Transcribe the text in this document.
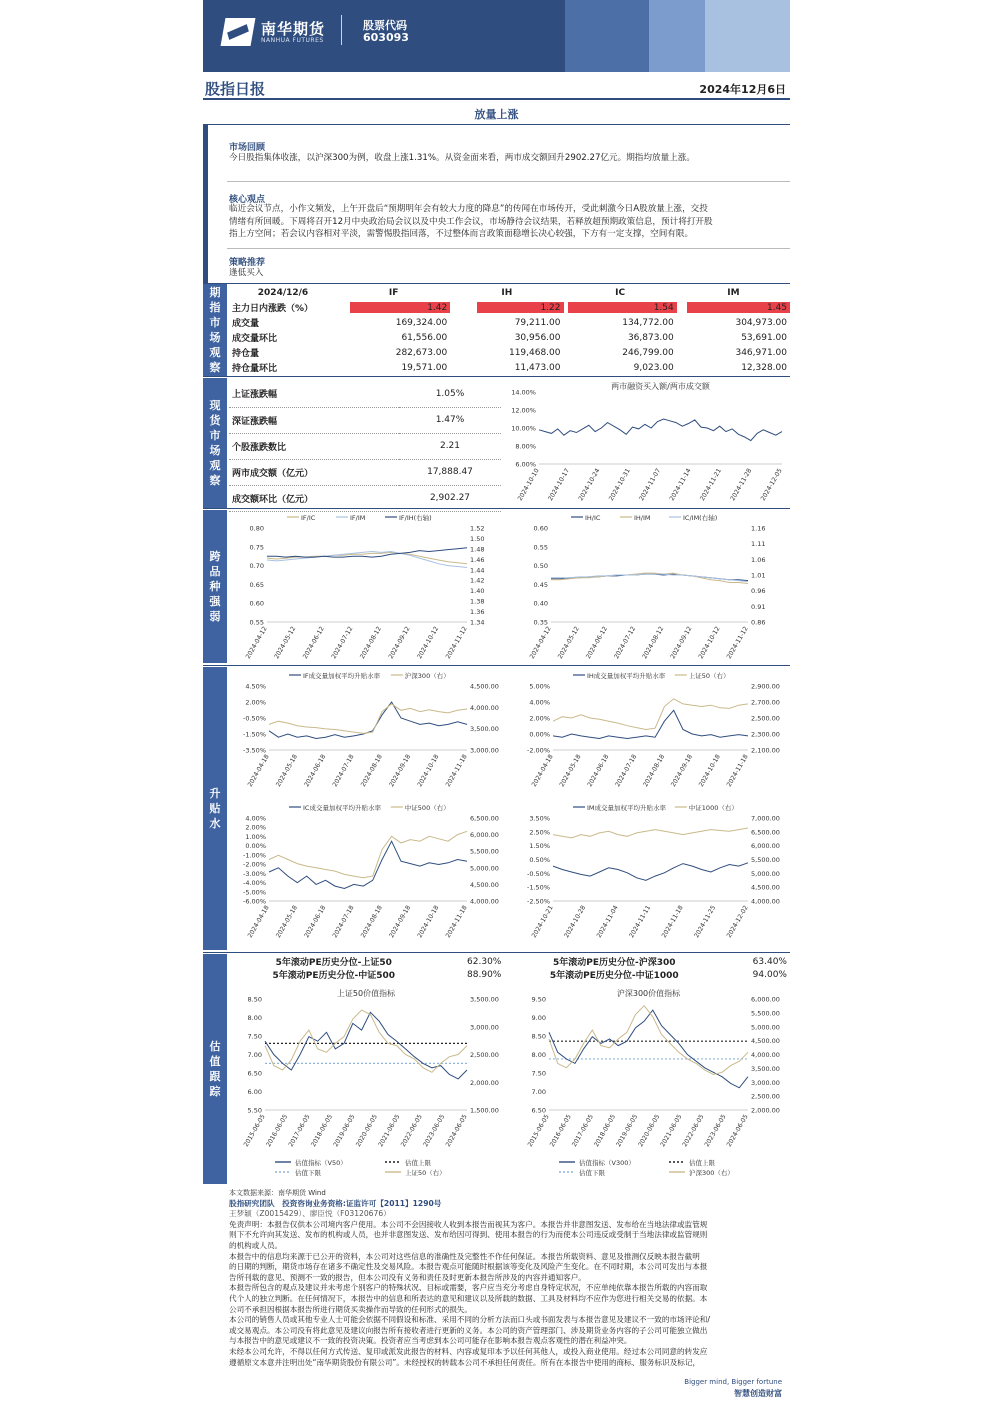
南华期货
NANHUA FUTURES
股票代码
603093
股指日报	2024年12月6日
放量上涨
市场回顾
今日股指集体收涨，以沪深300为例，收盘上涨1.31%。从资金面来看，两市成交额回升2902.27亿元。期指均放量上涨。
核心观点
临近会议节点，小作文频发，上午开盘后“预期明年会有较大力度的降息”的传闻在市场传开，受此刺激今日A股放量上涨，交投
情绪有所回暖。下周将召开12月中央政治局会议以及中央工作会议，市场静待会议结果，若释放超预期政策信息，预计将打开股
指上方空间；若会议内容相对平淡，需警惕股指回落，不过整体而言政策面稳增长决心较强，下方有一定支撑，空间有限。
策略推荐
逢低买入
期
指
市
场
观
察
2024/12/6	IF	IH	IC	IM
主力日内涨跌（%）	1.42	1.22	1.54	1.45
成交量	169,324.00	79,211.00	134,772.00	304,973.00
成交量环比	61,556.00	30,956.00	36,873.00	53,691.00
持仓量	282,673.00	119,468.00	246,799.00	346,971.00
持仓量环比	19,571.00	11,473.00	9,023.00	12,328.00
现
货
市
场
观
察
上证涨跌幅	1.05%
深证涨跌幅	1.47%
个股涨跌数比	2.21
两市成交额（亿元）	17,888.47
成交额环比（亿元）	2,902.27
两市融资买入额/两市成交额
14.00%
12.00%
10.00%
8.00%
6.00%
2024-10-10 2024-10-17 2024-10-24 2024-10-31 2024-11-07 2024-11-14 2024-11-21 2024-11-28 2024-12-05
跨
品
种
强
弱
IF/IC	IF/IM	IF/IH(右轴)
0.80
0.75
0.70
0.65
0.60
0.55
1.52
1.50
1.48
1.46
1.44
1.42
1.40
1.38
1.36
1.34
2024-04-12 2024-05-12 2024-06-12 2024-07-12 2024-08-12 2024-09-12 2024-10-12 2024-11-12
IH/IC	IH/IM	IC/IM(右轴)
0.60
0.55
0.50
0.45
0.40
0.35
1.16
1.11
1.06
1.01
0.96
0.91
0.86
2024-04-12 2024-05-12 2024-06-12 2024-07-12 2024-08-12 2024-09-12 2024-10-12 2024-11-12
升
贴
水
IF成交量加权平均升贴水率	沪深300（右）
4.50%
2.00%
-0.50%
-1.50%
-3.50%
4,500.00
4,000.00
3,500.00
3,000.00
2024-04-18 2024-05-18 2024-06-18 2024-07-18 2024-08-18 2024-09-18 2024-10-18 2024-11-18
IH成交量加权平均升贴水率	上证50（右）
5.00%
4.00%
2.00%
0.00%
-2.00%
2,900.00
2,700.00
2,500.00
2,300.00
2,100.00
2024-04-18 2024-05-18 2024-06-18 2024-07-18 2024-08-18 2024-09-18 2024-10-18 2024-11-18
IC成交量加权平均升贴水率	中证500（右）
4.00%
2.00%
1.00%
0.00%
-1.00%
-2.00%
-3.00%
-4.00%
-5.00%
-6.00%
6,500.00
6,000.00
5,500.00
5,000.00
4,500.00
4,000.00
2024-04-18 2024-05-18 2024-06-18 2024-07-18 2024-08-18 2024-09-18 2024-10-18 2024-11-18
IM成交量加权平均升贴水率	中证1000（右）
3.50%
2.50%
1.50%
0.50%
-0.50%
-1.50%
-2.50%
7,000.00
6,500.00
6,000.00
5,500.00
5,000.00
4,500.00
4,000.00
2024-10-21 2024-10-28 2024-11-04 2024-11-11 2024-11-18 2024-11-25 2024-12-02
估
值
跟
踪
5年滚动PE历史分位-上证50	62.30%	5年滚动PE历史分位-沪深300	63.40%
5年滚动PE历史分位-中证500	88.90%	5年滚动PE历史分位-中证1000	94.00%
上证50价值指标
8.50
8.00
7.50
7.00
6.50
6.00
5.50
3,500.00
3,000.00
2,500.00
2,000.00
1,500.00
2015-06-05
2016-06-05
2017-06-05
2018-06-05
2019-06-05
2020-06-05
2021-06-05
2022-06-05
2023-06-05
2024-06-05
估值指标（V50）	估值上限
估值下限	上证50（右）
沪深300价值指标
9.50
9.00
8.50
8.00
7.50
7.00
6.50
6,000.00
5,500.00
5,000.00
4,500.00
4,000.00
3,500.00
3,000.00
2,500.00
2,000.00
2015-06-05
2016-06-05
2017-06-05
2018-06-05
2019-06-05
2020-06-05
2021-06-05
2022-06-05
2023-06-05
2024-06-05
估值指标（V300）	估值上限
估值下限	沪深300（右）
本文数据来源：南华期货 Wind
股指研究团队　投资咨询业务资格:证监许可【2011】1290号
王梦颖（Z0015429）、廖臣悦（F03120676）
免责声明：本报告仅供本公司境内客户使用。本公司不会因接收人收到本报告而视其为客户。本报告并非意图发送、发布给在当地法律或监管规
则下不允许向其发送、发布的机构或人员，也并非意图发送、发布给因可得到、使用本报告的行为而使本公司违反或受制于当地法律或监管规则
的机构或人员。
本报告中的信息均来源于已公开的资料，本公司对这些信息的准确性及完整性不作任何保证。本报告所载资料、意见及推测仅反映本报告截明
的日期的判断，期货市场存在诸多不确定性及交易风险。本报告观点可能随时根据该等变化及风险产生变化。在不同时期，本公司可发出与本报
告所刊载的意见、预测不一致的报告，但本公司没有义务和责任及时更新本报告所涉及的内容并通知客户。
本报告所包含的观点及建议并未考虑个别客户的特殊状况、目标或需要，客户应当充分考虑自身特定状况，不应单纯依靠本报告所载的内容而取
代个人的独立判断。在任何情况下，本报告中的信息和所表达的意见和建议以及所载的数据、工具及材料均不应作为您进行相关交易的依据。本
公司不承担因根据本报告所进行期货买卖操作而导致的任何形式的损失。
本公司的销售人员或其他专业人士可能会依据不同假设和标准、采用不同的分析方法而口头或书面发表与本报告意见及建议不一致的市场评论和/
或交易观点。本公司没有将此意见及建议向报告所有接收者进行更新的义务。本公司的资产管理部门、涉及期货业务内容的子公司可能独立做出
与本报告中的意见或建议不一致的投资决策。投资者应当考虑到本公司可能存在影响本报告观点客观性的潜在利益冲突。
未经本公司允许，不得以任何方式传送、复印或派发此报告的材料、内容或复印本予以任何其他人，或投入商业使用。经过本公司同意的转发应
遵循原文本意并注明出处“南华期货股份有限公司”。未经授权的转载本公司不承担任何责任。所有在本报告中使用的商标、服务标识及标记，
Bigger mind, Bigger fortune
智慧创造财富
